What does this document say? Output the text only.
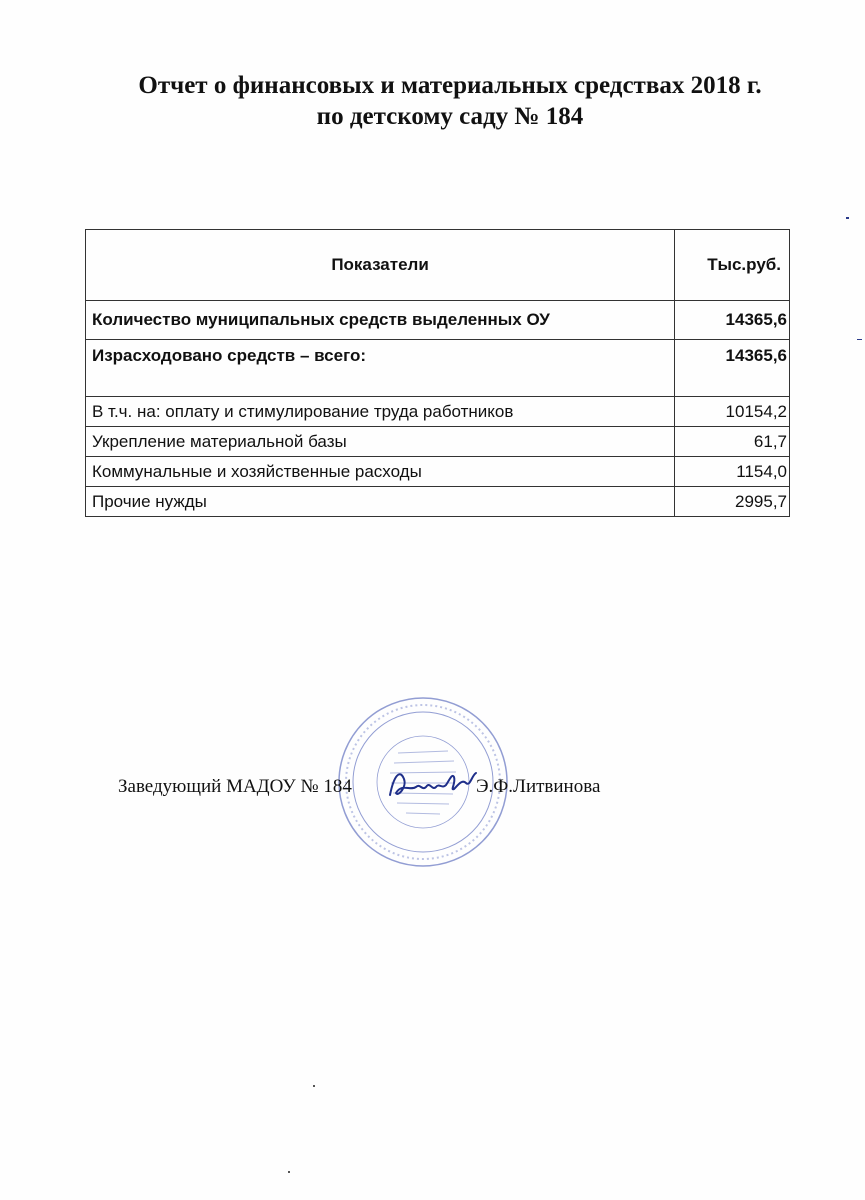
Отчет о финансовых и материальных средствах 2018 г.
по детскому саду № 184
Показатели	Тыс.руб.
Количество муниципальных средств выделенных ОУ	14365,6
Израсходовано средств – всего:	14365,6
В т.ч. на: оплату и стимулирование труда работников	10154,2
Укрепление материальной базы	61,7
Коммунальные и хозяйственные расходы	1154,0
Прочие нужды	2995,7
Заведующий МАДОУ № 184	Э.Ф.Литвинова
